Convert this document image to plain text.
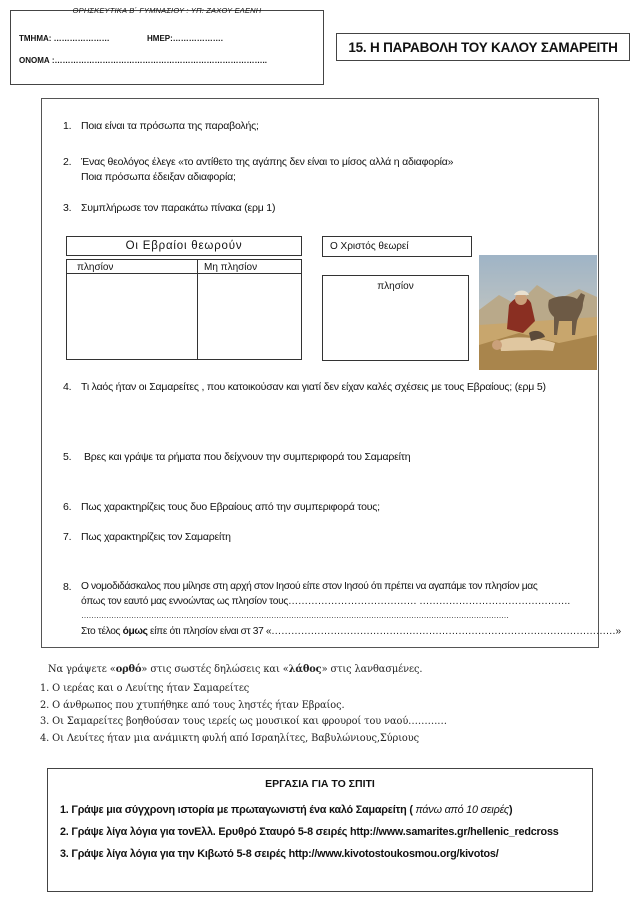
ΘΡΗΣΚΕΥΤΙΚΑ Β΄ ΓΥΜΝΑΣΙΟΥ : ΥΠ: ΖΑΧΟΥ ΕΛΕΝΗ
ΤΜΗΜΑ: …………………	ΗΜΕΡ:……………….
ΟΝΟΜΑ :……………………………………………………………………..
15. Η ΠΑΡΑΒΟΛΗ ΤΟΥ ΚΑΛΟΥ ΣΑΜΑΡΕΙΤΗ
1. Ποια είναι τα πρόσωπα της παραβολής;
2. Ένας θεολόγος έλεγε «το αντίθετο της αγάπης δεν είναι το μίσος αλλά η αδιαφορία»
Ποια πρόσωπα έδειξαν αδιαφορία;
3. Συμπλήρωσε τον παρακάτω πίνακα (ερμ 1)
Οι Εβραίοι θεωρούν
πλησίον	Μη πλησίον
Ο Χριστός θεωρεί
πλησίον
4. Τι λαός ήταν οι Σαμαρείτες , που κατοικούσαν και γιατί δεν είχαν καλές σχέσεις με τους Εβραίους; (ερμ 5)
5. Βρες και γράψε τα ρήματα που δείχνουν την συμπεριφορά του Σαμαρείτη
6. Πως χαρακτηρίζεις τους δυο Εβραίους από την συμπεριφορά τους;
7. Πως χαρακτηρίζεις τον Σαμαρείτη
8. Ο νομοδιδάσκαλος που μίλησε στη αρχή στον Ιησού είπε στον Ιησού ότι πρέπει να αγαπάμε τον πλησίον μας
όπως τον εαυτό μας εννοώντας ως πλησίον τους………………………………… ……………………………………….
………………………………………………………………………………………………………………………………………………………
Στο τέλος όμως είπε ότι πλησίον είναι στ 37 «……………………………………………………………………………………………»
Να γράψετε «ορθό» στις σωστές δηλώσεις και «λάθος» στις λανθασμένες.
1. Ο ιερέας και ο Λευίτης ήταν Σαμαρείτες
2. Ο άνθρωπος που χτυπήθηκε από τους ληστές ήταν Εβραίος.
3. Οι Σαμαρείτες βοηθούσαν τους ιερείς ως μουσικοί και φρουροί του ναού…………
4. Οι Λευίτες ήταν μια ανάμικτη φυλή από Ισραηλίτες, Βαβυλώνιους,Σύριους
1. Γράψε μια σύγχρονη ιστορία με πρωταγωνιστή ένα καλό Σαμαρείτη ( πάνω από 10 σειρές)
2. Γράψε λίγα λόγια για τονΕλλ. Ερυθρό Σταυρό 5-8 σειρές http://www.samarites.gr/hellenic_redcross
3. Γράψε λίγα λόγια για την Κιβωτό 5-8 σειρές http://www.kivotostoukosmou.org/kivotos/
ΕΡΓΑΣΙΑ ΓΙΑ ΤΟ ΣΠΙΤΙ
